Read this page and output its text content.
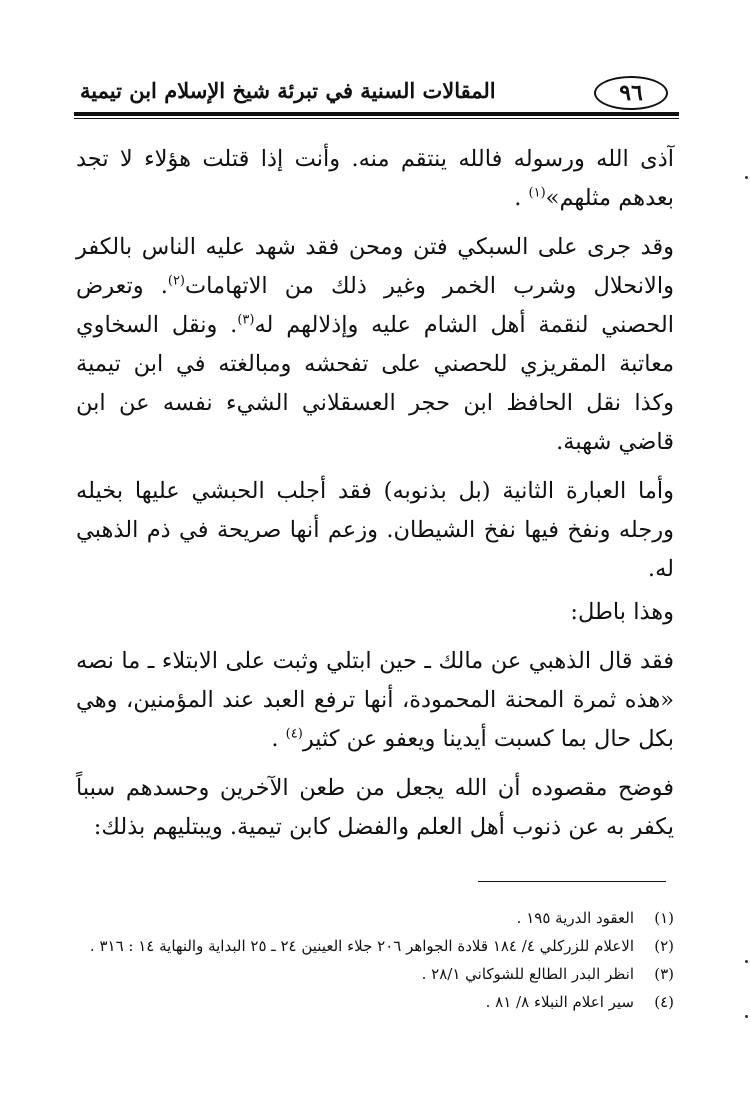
٩٦
المقالات السنية في تبرئة شيخ الإسلام ابن تيمية

آذى الله ورسوله فالله ينتقم منه. وأنت إذا قتلت هؤلاء لا تجد بعدهم مثلهم»$^{(١)}$ .

وقد جرى على السبكي فتن ومحن فقد شهد عليه الناس بالكفر والانحلال وشرب الخمر وغير ذلك من الاتهامات$^{(٢)}$. وتعرض الحصني لنقمة أهل الشام عليه وإذلالهم له$^{(٣)}$. ونقل السخاوي معاتبة المقريزي للحصني على تفحشه ومبالغته في ابن تيمية وكذا نقل الحافظ ابن حجر العسقلاني الشيء نفسه عن ابن قاضي شهبة.

وأما العبارة الثانية (بل بذنوبه) فقد أجلب الحبشي عليها بخيله ورجله ونفخ فيها نفخ الشيطان. وزعم أنها صريحة في ذم الذهبي له.

وهذا باطل:

فقد قال الذهبي عن مالك ـ حين ابتلي وثبت على الابتلاء ـ ما نصه «هذه ثمرة المحنة المحمودة، أنها ترفع العبد عند المؤمنين، وهي بكل حال بما كسبت أيدينا ويعفو عن كثير$^{(٤)}$ .

فوضح مقصوده أن الله يجعل من طعن الآخرين وحسدهم سبباً يكفر به عن ذنوب أهل العلم والفضل كابن تيمية. ويبتليهم بذلك:

(١)
العقود الدرية ١٩٥ .
(٢)
الاعلام للزركلي ٤/ ١٨٤ قلادة الجواهر ٢٠٦ جلاء العينين ٢٤ ـ ٢٥ البداية والنهاية ١٤ : ٣١٦ .
(٣)
انظر البدر الطالع للشوكاني ٢٨/١ .
(٤)
سير اعلام النبلاء ٨/ ٨١ .
